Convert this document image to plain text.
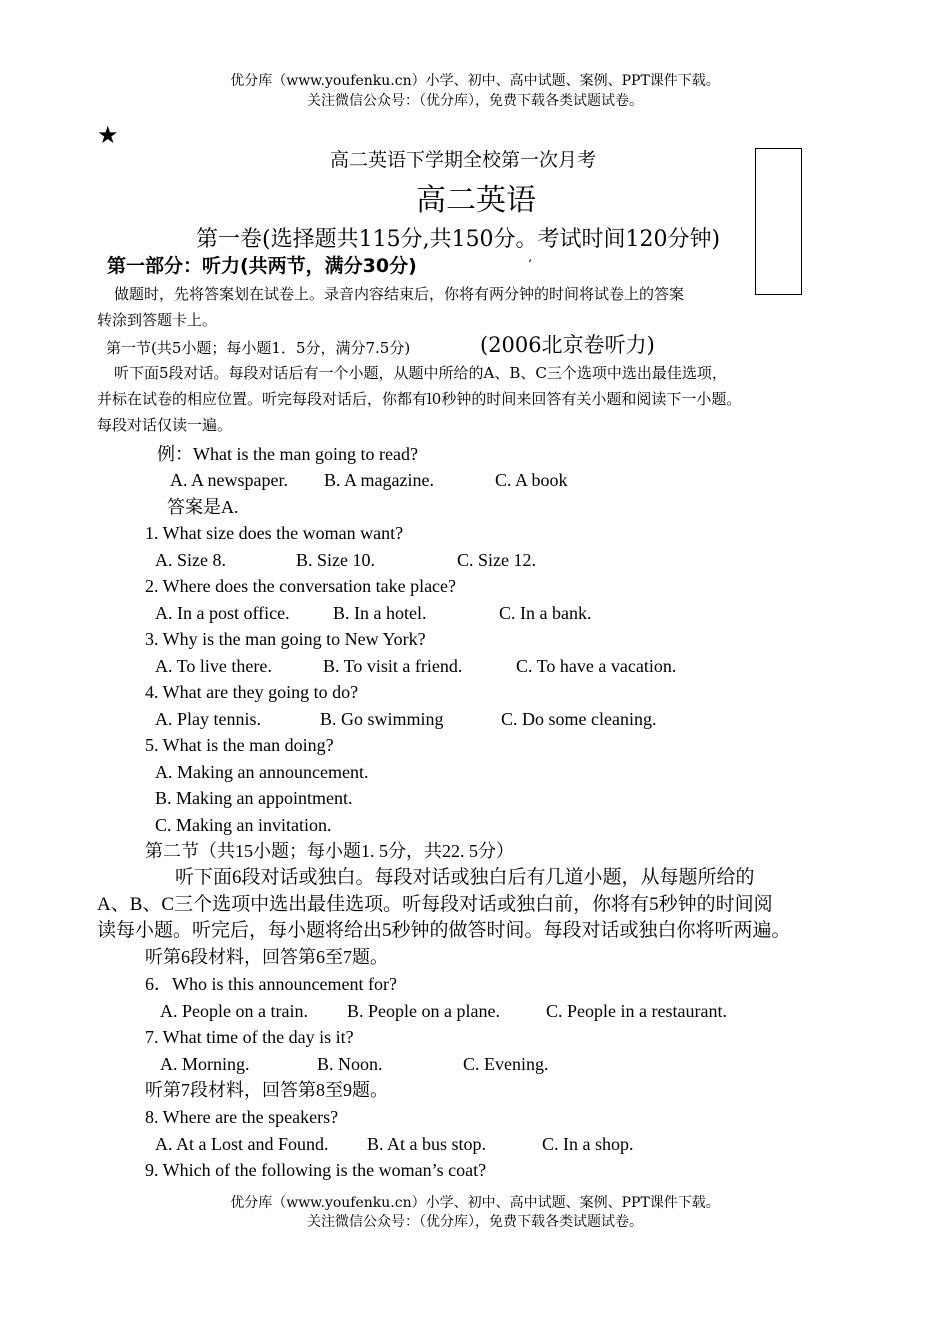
优分库（www.youfenku.cn）小学、初中、高中试题、案例、PPT课件下载。
关注微信公众号：（优分库），免费下载各类试题试卷。
★
高二英语下学期全校第一次月考
高二英语
第一卷(选择题共115分,共150分。考试时间120分钟)
第一部分：听力(共两节，满分30分)	‘
做题时，先将答案划在试卷上。录音内容结束后，你将有两分钟的时间将试卷上的答案
转涂到答题卡上。
第一节(共5小题；每小题1．5分，满分7.5分)	(2006北京卷听力)
听下面5段对话。每段对话后有一个小题，从题中所给的A、B、C三个选项中选出最佳选项，
并标在试卷的相应位置。听完每段对话后，你都有l0秒钟的时间来回答有关小题和阅读下一小题。
每段对话仅读一遍。
例：What is the man going to read?
A. A newspaper. B. A magazine.	C. A book
答案是A.
1. What size does the woman want?
A. Size 8.	B. Size 10.	C. Size 12.
2. Where does the conversation take place?
A. In a post office. B. In a hotel.	C. In a bank.
3. Why is the man going to New York?
A. To live there.	B. To visit a friend.	C. To have a vacation.
4. What are they going to do?
A. Play tennis.	B. Go swimming	C. Do some cleaning.
5. What is the man doing?
A. Making an announcement.
B. Making an appointment.
C. Making an invitation.
第二节（共15小题；每小题1. 5分，共22. 5分）
听下面6段对话或独白。每段对话或独白后有几道小题，从每题所给的
A、B、C三个选项中选出最佳选项。听每段对话或独白前，你将有5秒钟的时间阅
读每小题。听完后，每小题将给出5秒钟的做答时间。每段对话或独白你将听两遍。
听第6段材料，回答第6至7题。
6．Who is this announcement for?
A. People on a train. B. People on a plane.	C. People in a restaurant.
7. What time of the day is it?
A. Morning.	B. Noon.	C. Evening.
听第7段材料，回答第8至9题。
8. Where are the speakers?
A. At a Lost and Found. B. At a bus stop.	C. In a shop.
9. Which of the following is the woman’s coat?
优分库（www.youfenku.cn）小学、初中、高中试题、案例、PPT课件下载。
关注微信公众号：（优分库），免费下载各类试题试卷。
